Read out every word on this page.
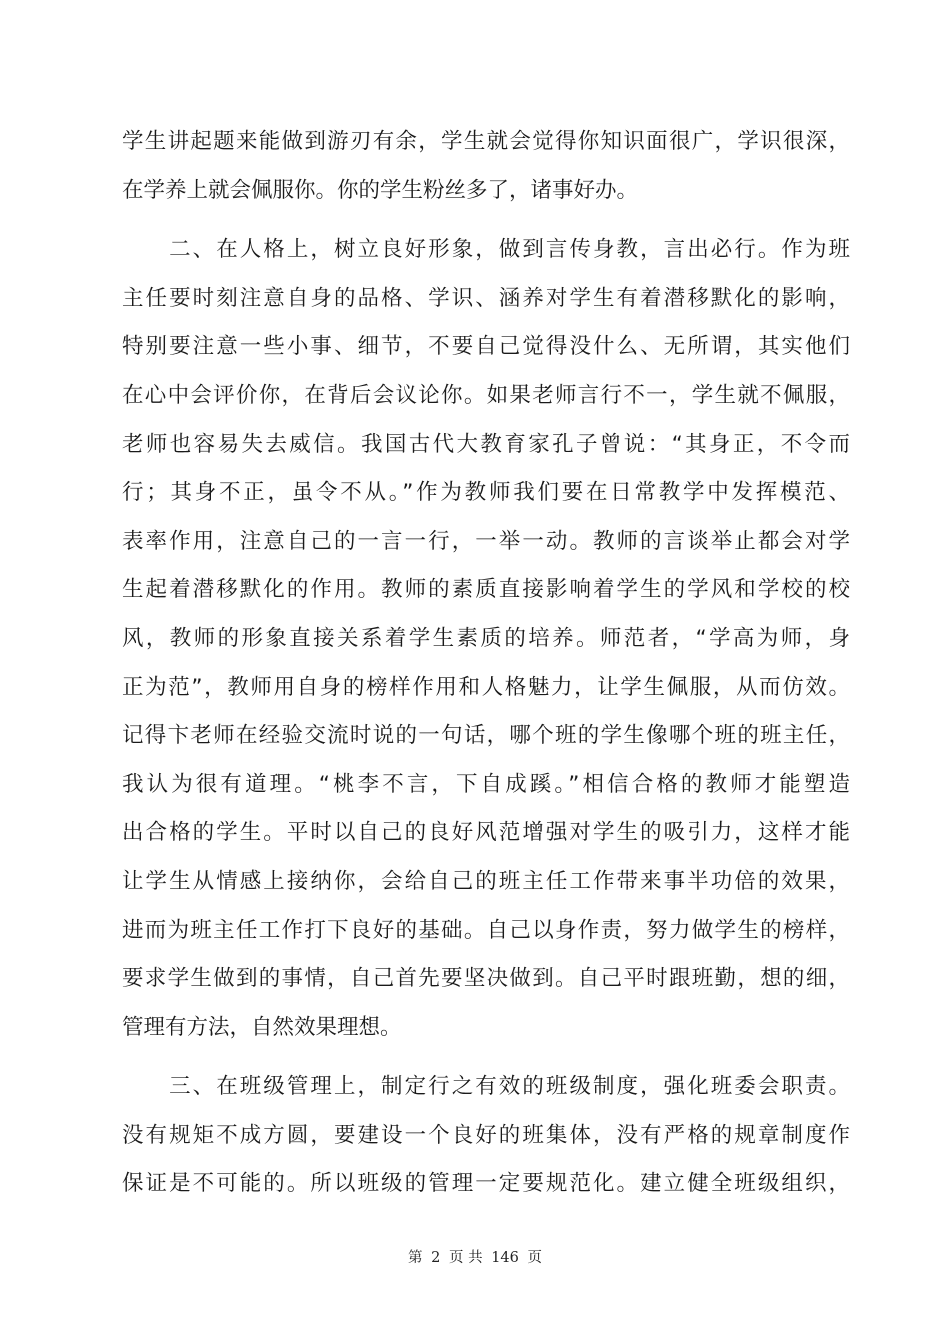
学生讲起题来能做到游刃有余，学生就会觉得你知识面很广，学识很深，
在学养上就会佩服你。你的学生粉丝多了，诸事好办。
　　二、在人格上，树立良好形象，做到言传身教，言出必行。作为班
主任要时刻注意自身的品格、学识、涵养对学生有着潜移默化的影响，
特别要注意一些小事、细节，不要自己觉得没什么、无所谓，其实他们
在心中会评价你，在背后会议论你。如果老师言行不一，学生就不佩服，
老师也容易失去威信。我国古代大教育家孔子曾说：“其身正，不令而
行；其身不正，虽令不从。”作为教师我们要在日常教学中发挥模范、
表率作用，注意自己的一言一行，一举一动。教师的言谈举止都会对学
生起着潜移默化的作用。教师的素质直接影响着学生的学风和学校的校
风，教师的形象直接关系着学生素质的培养。师范者，“学高为师，身
正为范”，教师用自身的榜样作用和人格魅力，让学生佩服，从而仿效。
记得卞老师在经验交流时说的一句话，哪个班的学生像哪个班的班主任，
我认为很有道理。“桃李不言，下自成蹊。”相信合格的教师才能塑造
出合格的学生。平时以自己的良好风范增强对学生的吸引力，这样才能
让学生从情感上接纳你，会给自己的班主任工作带来事半功倍的效果，
进而为班主任工作打下良好的基础。自己以身作责，努力做学生的榜样，
要求学生做到的事情，自己首先要坚决做到。自己平时跟班勤，想的细，
管理有方法，自然效果理想。
　　三、在班级管理上，制定行之有效的班级制度，强化班委会职责。
没有规矩不成方圆，要建设一个良好的班集体，没有严格的规章制度作
保证是不可能的。所以班级的管理一定要规范化。建立健全班级组织，
第 2 页 共 146 页
